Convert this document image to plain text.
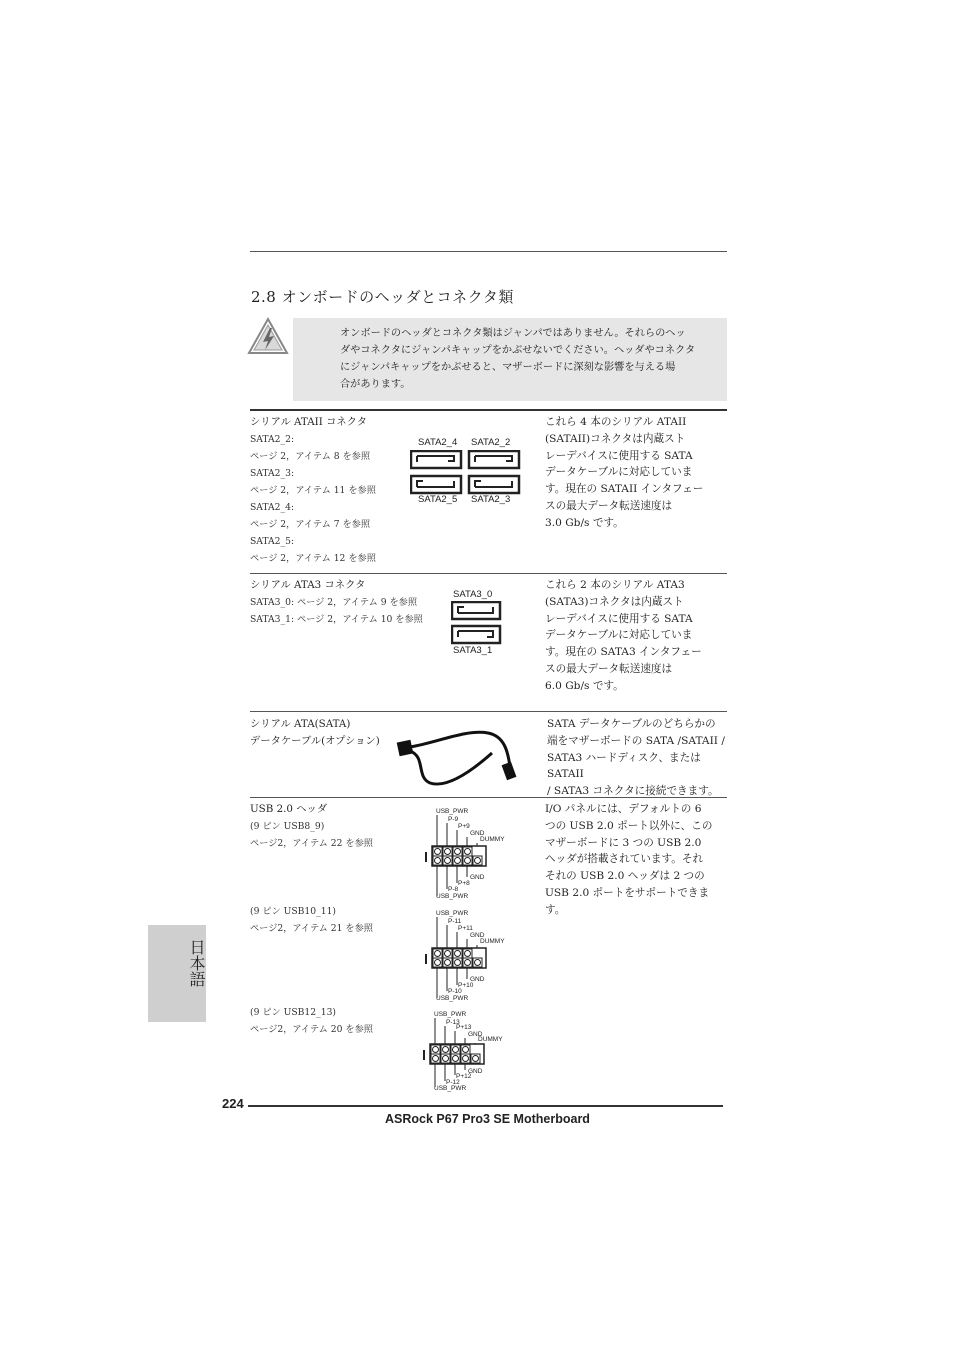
2.8 オンボードのヘッダとコネクタ類
オンボードのヘッダとコネクタ類はジャンパではありません。それらのヘッ
ダやコネクタにジャンパキャップをかぶせないでください。ヘッダやコネクタ
にジャンパキャップをかぶせると、マザーボードに深刻な影響を与える場
合があります。
シリアル ATAII コネクタ
SATA2_2:
ページ 2，アイテム 8 を参照
SATA2_3:
ページ 2，アイテム 11 を参照
SATA2_4:
ページ 2，アイテム 7 を参照
SATA2_5:
ページ 2，アイテム 12 を参照
SATA2_4 SATA2_2
SATA2_5 SATA2_3
これら 4 本のシリアル ATAII
(SATAII)コネクタは内蔵スト
レーデバイスに使用する SATA
データケーブルに対応していま
す。現在の SATAII インタフェー
スの最大データ転送速度は
3.0 Gb/s です。
シリアル ATA3 コネクタ
SATA3_0: ページ 2，アイテム 9 を参照
SATA3_1: ページ 2，アイテム 10 を参照
SATA3_0
SATA3_1
これら 2 本のシリアル ATA3
(SATA3)コネクタは内蔵スト
レーデバイスに使用する SATA
データケーブルに対応していま
す。現在の SATA3 インタフェー
スの最大データ転送速度は
6.0 Gb/s です。
シリアル ATA(SATA)
データケーブル(オプション)
SATA データケーブルのどちらかの
端をマザーボードの SATA /SATAII /
SATA3 ハードディスク、または SATAII
/ SATA3 コネクタに接続できます。
USB 2.0 ヘッダ
(9 ピン USB8_9)
ページ2，アイテム 22 を参照
(9 ピン USB10_11)
ページ2，アイテム 21 を参照
(9 ピン USB12_13)
ページ2，アイテム 20 を参照
USB_PWR
P-9
P+9
GND
DUMMY
GND
P+8
P-8
USB_PWR
USB_PWR
P-11
P+11
GND
DUMMY
GND
P+10
P-10
USB_PWR
USB_PWR
P-13
P+13
GND
DUMMY
GND
P+12
P-12
USB_PWR
I/O パネルには、デフォルトの 6
つの USB 2.0 ポート以外に、この
マザーボードに 3 つの USB 2.0
ヘッダが搭載されています。それ
それの USB 2.0 ヘッダは 2 つの
USB 2.0 ポートをサポートできま
す。
日本語
224
ASRock P67 Pro3 SE Motherboard
